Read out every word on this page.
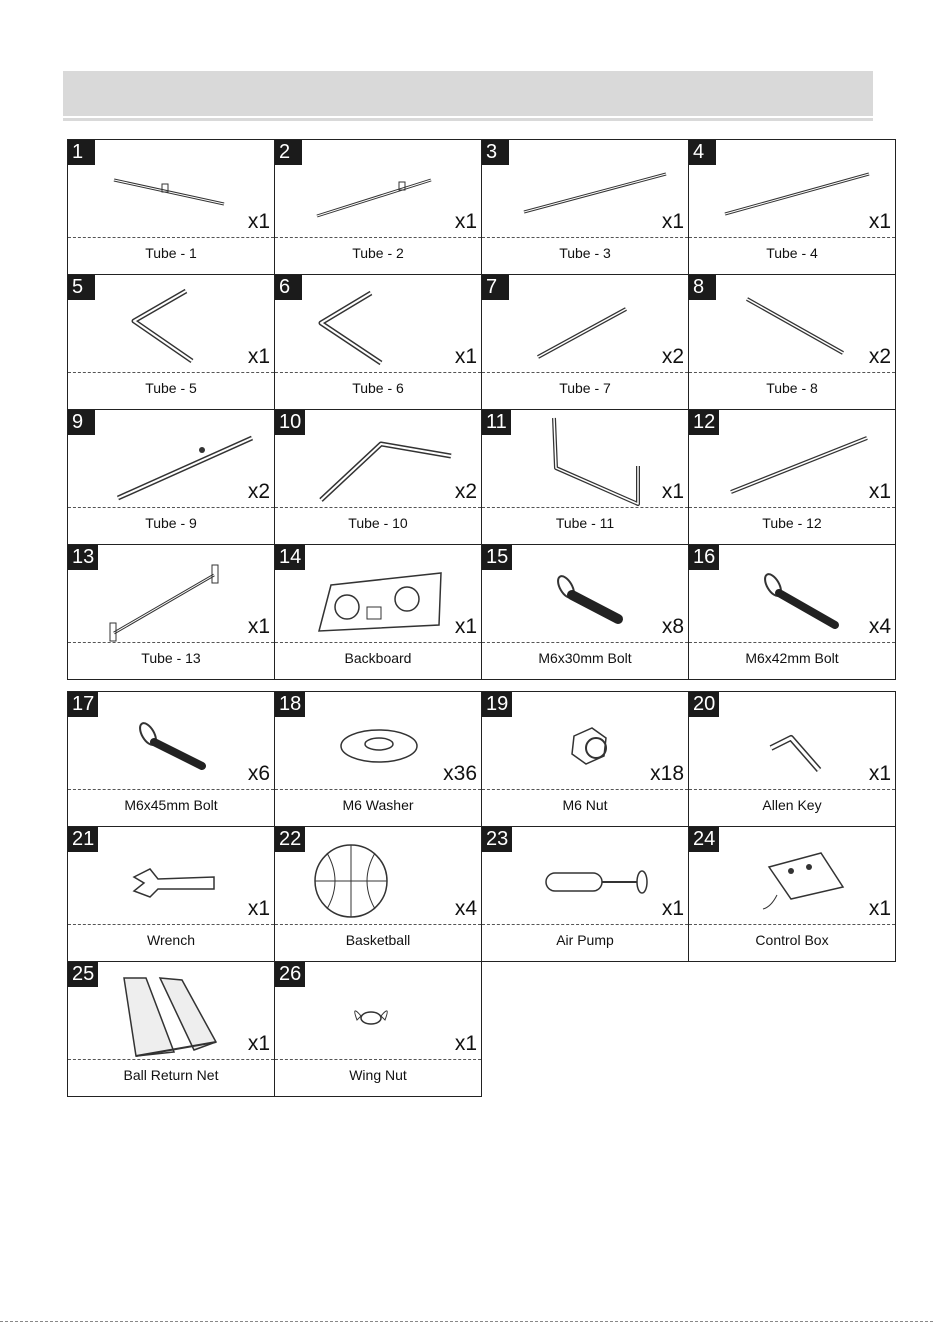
1
x1
Tube - 1
2
x1
Tube - 2
3
x1
Tube - 3
4
x1
Tube - 4
5
x1
Tube - 5
6
x1
Tube - 6
7
x2
Tube - 7
8
x2
Tube - 8
9
x2
Tube - 9
10
x2
Tube - 10
11
x1
Tube - 11
12
x1
Tube - 12
13
x1
Tube - 13
14
x1
Backboard
15
x8
M6x30mm Bolt
16
x4
M6x42mm Bolt
17
x6
M6x45mm Bolt
18
x36
M6 Washer
19
x18
M6 Nut
20
x1
Allen Key
21
x1
Wrench
22
x4
Basketball
23
x1
Air Pump
24
x1
Control Box
25
x1
Ball Return Net
26
x1
Wing Nut
